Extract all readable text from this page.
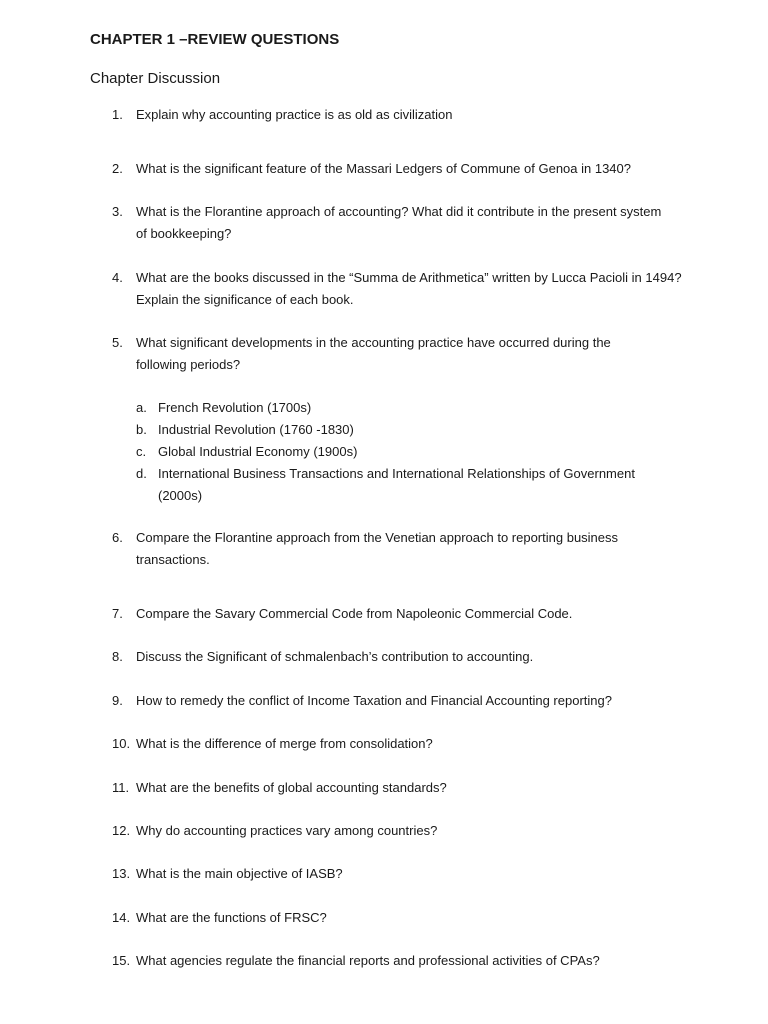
CHAPTER 1 –REVIEW QUESTIONS
Chapter Discussion
1. Explain why accounting practice is as old as civilization
2. What is the significant feature of the Massari Ledgers of Commune of Genoa in 1340?
3. What is the Florantine approach of accounting? What did it contribute in the present system of bookkeeping?
4. What are the books discussed in the “Summa de Arithmetica” written by Lucca Pacioli in 1494? Explain the significance of each book.
5. What significant developments in the accounting practice have occurred during the following periods?
a. French Revolution (1700s)
b. Industrial Revolution (1760 -1830)
c. Global Industrial Economy (1900s)
d. International Business Transactions and International Relationships of Government (2000s)
6. Compare the Florantine approach from the Venetian approach to reporting business transactions.
7. Compare the Savary Commercial Code from Napoleonic Commercial Code.
8. Discuss the Significant of schmalenbach’s contribution to accounting.
9. How to remedy the conflict of Income Taxation and Financial Accounting reporting?
10. What is the difference of merge from consolidation?
11. What are the benefits of global accounting standards?
12. Why do accounting practices vary among countries?
13. What is the main objective of IASB?
14. What are the functions of FRSC?
15. What agencies regulate the financial reports and professional activities of CPAs?
